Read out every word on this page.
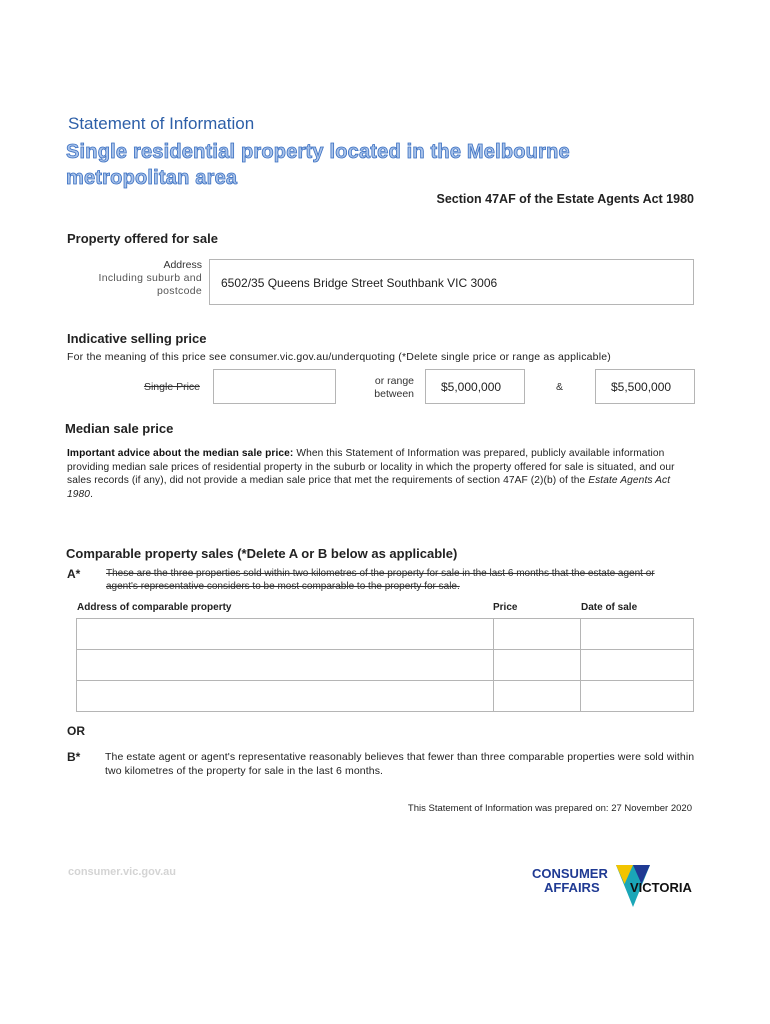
Statement of Information
Single residential property located in the Melbourne metropolitan area
Section 47AF of the Estate Agents Act 1980
Property offered for sale
Address
Including suburb and postcode
6502/35 Queens Bridge Street Southbank VIC 3006
Indicative selling price
For the meaning of this price see consumer.vic.gov.au/underquoting (*Delete single price or range as applicable)
Single Price	or range between $5,000,000	&	$5,500,000
Median sale price
Important advice about the median sale price: When this Statement of Information was prepared, publicly available information providing median sale prices of residential property in the suburb or locality in which the property offered for sale is situated, and our sales records (if any), did not provide a median sale price that met the requirements of section 47AF (2)(b) of the Estate Agents Act 1980.
Comparable property sales (*Delete A or B below as applicable)
A*	These are the three properties sold within two kilometres of the property for sale in the last 6 months that the estate agent or agent's representative considers to be most comparable to the property for sale.
Address of comparable property	Price	Date of sale

OR
B* The estate agent or agent's representative reasonably believes that fewer than three comparable properties were sold within two kilometres of the property for sale in the last 6 months.
This Statement of Information was prepared on: 27 November 2020
consumer.vic.gov.au	CONSUMER
AFFAIRS VICTORIA
